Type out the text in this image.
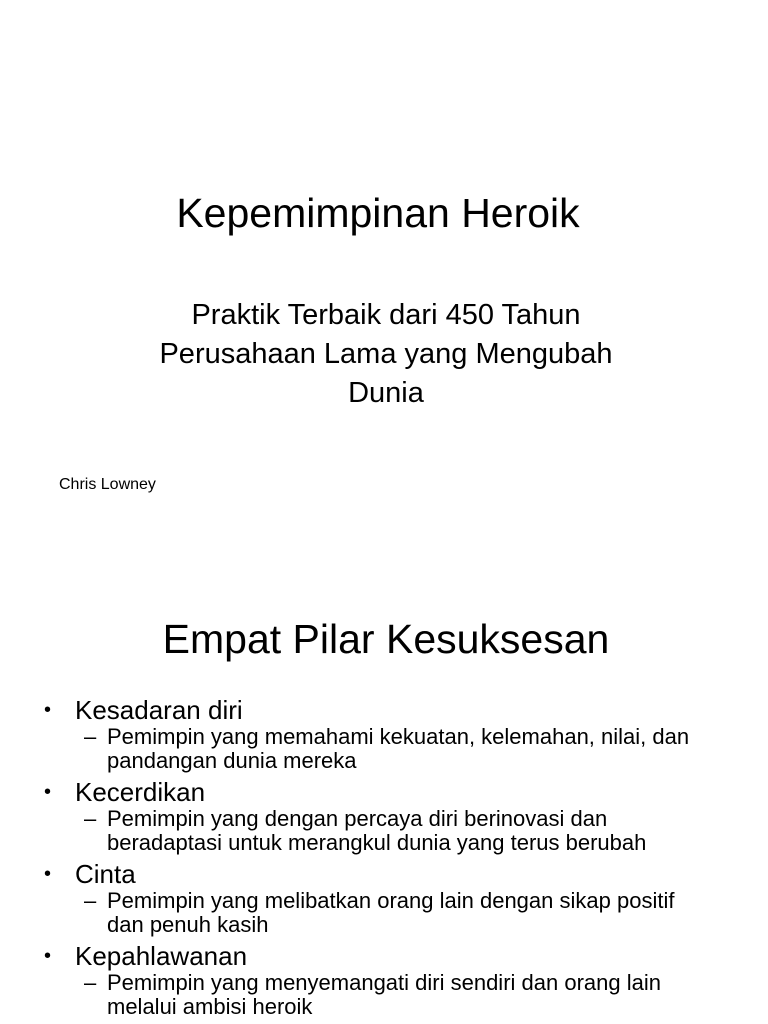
Kepemimpinan Heroik
Praktik Terbaik dari 450 Tahun
Perusahaan Lama yang Mengubah
Dunia
Chris Lowney
Empat Pilar Kesuksesan
• Kesadaran diri
– Pemimpin yang memahami kekuatan, kelemahan, nilai, dan pandangan dunia mereka
• Kecerdikan
– Pemimpin yang dengan percaya diri berinovasi dan beradaptasi untuk merangkul dunia yang terus berubah
• Cinta
– Pemimpin yang melibatkan orang lain dengan sikap positif dan penuh kasih
• Kepahlawanan
– Pemimpin yang menyemangati diri sendiri dan orang lain melalui ambisi heroik
